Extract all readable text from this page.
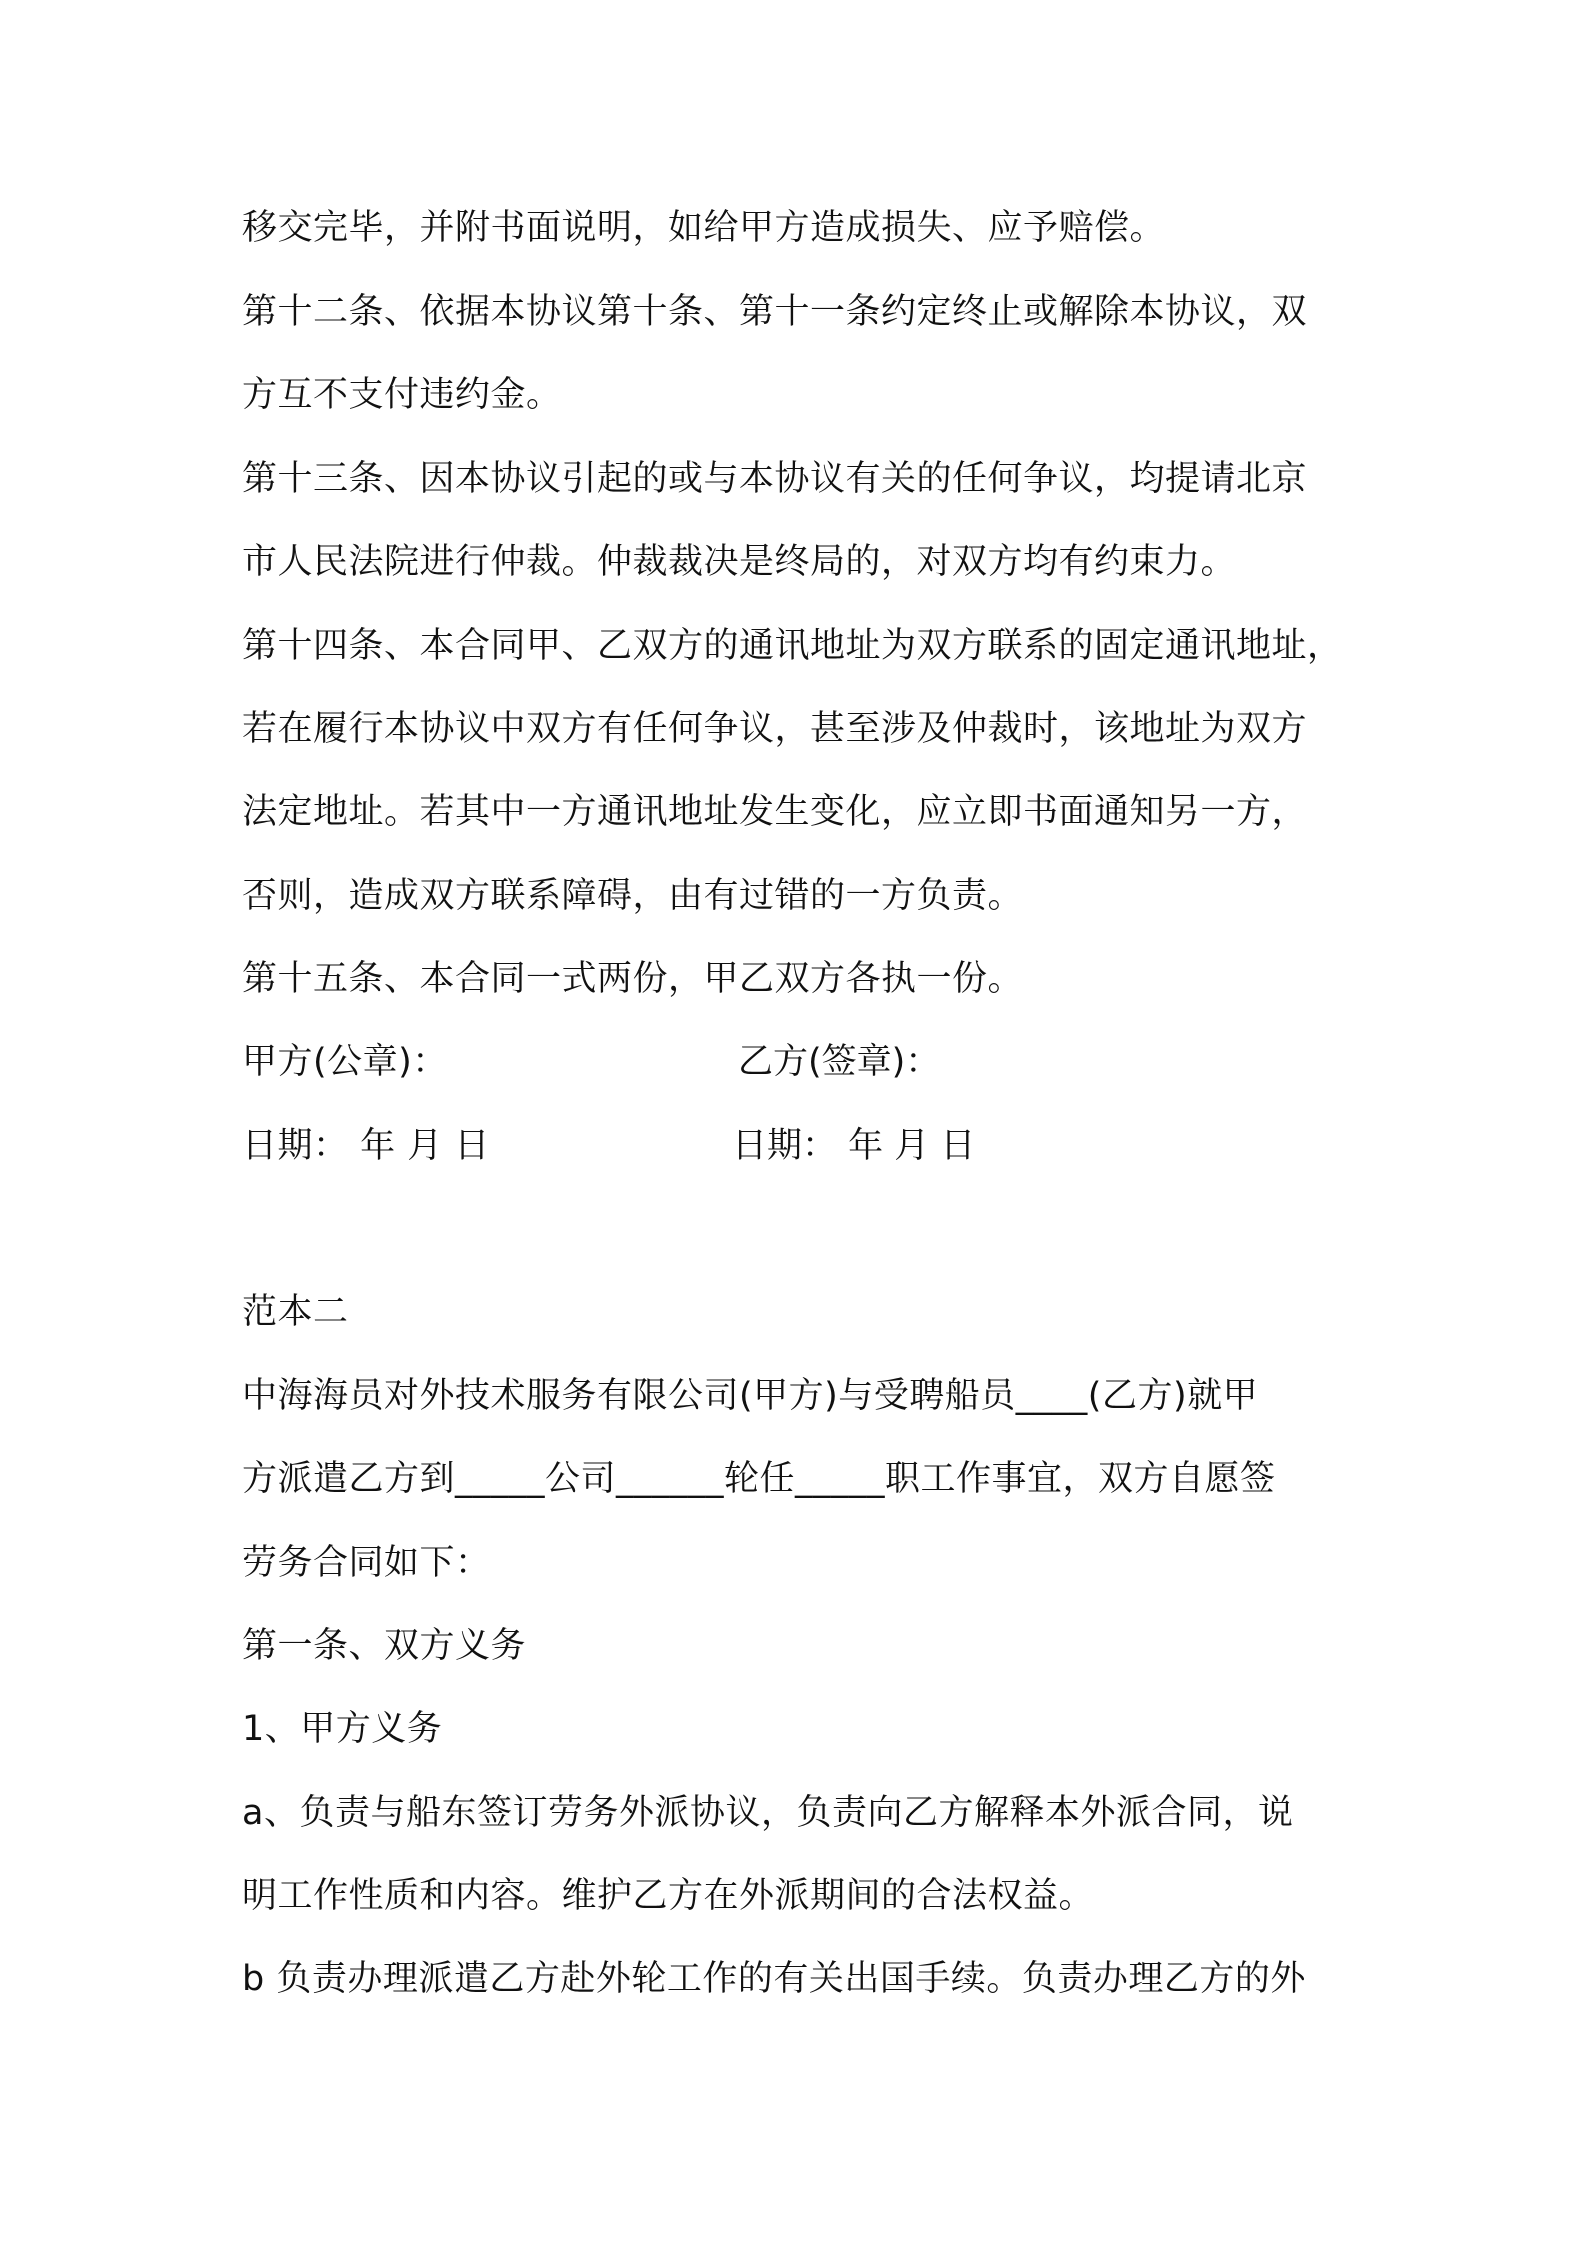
移交完毕，并附书面说明，如给甲方造成损失、应予赔偿。
第十二条、依据本协议第十条、第十一条约定终止或解除本协议，双
方互不支付违约金。
第十三条、因本协议引起的或与本协议有关的任何争议，均提请北京
市人民法院进行仲裁。仲裁裁决是终局的，对双方均有约束力。
第十四条、本合同甲、乙双方的通讯地址为双方联系的固定通讯地址，
若在履行本协议中双方有任何争议，甚至涉及仲裁时，该地址为双方
法定地址。若其中一方通讯地址发生变化，应立即书面通知另一方，
否则，造成双方联系障碍，由有过错的一方负责。
第十五条、本合同一式两份，甲乙双方各执一份。
甲方(公章)：	乙方(签章)：
日期： 年 月 日	日期： 年 月 日
范本二
中海海员对外技术服务有限公司(甲方)与受聘船员____(乙方)就甲
方派遣乙方到_____公司______轮任_____职工作事宜，双方自愿签
劳务合同如下：
第一条、双方义务
1、甲方义务
a、负责与船东签订劳务外派协议，负责向乙方解释本外派合同，说
明工作性质和内容。维护乙方在外派期间的合法权益。
b 负责办理派遣乙方赴外轮工作的有关出国手续。负责办理乙方的外
